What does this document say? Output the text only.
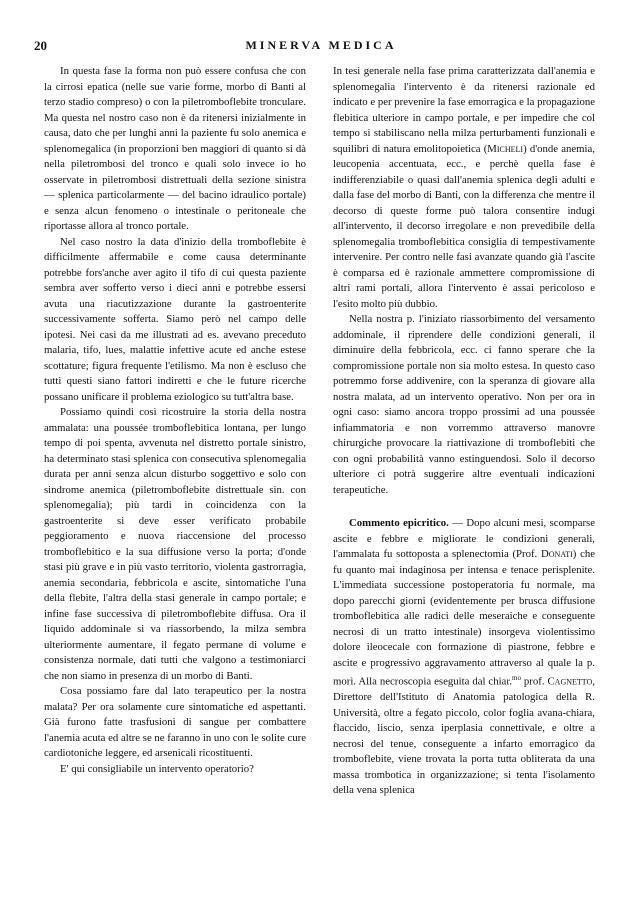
20	MINERVA MEDICA

In questa fase la forma non può essere confusa che con la cirrosi epatica (nelle sue varie forme, morbo di Banti al terzo stadio compreso) o con la piletromboflebite tronculare. Ma questa nel nostro caso non è da ritenersi inizialmente in causa, dato che per lunghi anni la paziente fu solo anemica e splenomegalica (in proporzioni ben maggiori di quanto si dà nella piletrombosi del tronco e quali solo invece io ho osservate in piletrombosi distrettuali della sezione sinistra — splenica particolarmente — del bacino idraulico portale) e senza alcun fenomeno o intestinale o peritoneale che riportasse allora al tronco portale.

Nel caso nostro la data d'inizio della tromboflebite è difficilmente affermabile e come causa determinante potrebbe fors'anche aver agito il tifo di cui questa paziente sembra aver sofferto verso i dieci anni e potrebbe essersi avuta una riacutizzazione durante la gastroenterite successivamente sofferta. Siamo però nel campo delle ipotesi. Nei casi da me illustrati ad es. avevano preceduto malaria, tifo, lues, malattie infettive acute ed anche estese scottature; figura frequente l'etilismo. Ma non è escluso che tutti questi siano fattori indiretti e che le future ricerche possano unificare il problema eziologico su tutt'altra base.

Possiamo quindi così ricostruire la storia della nostra ammalata: una poussée tromboflebitica lontana, per lungo tempo di poi spenta, avvenuta nel distretto portale sinistro, ha determinato stasi splenica con consecutiva splenomegalia durata per anni senza alcun disturbo soggettivo e solo con sindrome anemica (piletromboflebite distrettuale sin. con splenomegalia); più tardi in coincidenza con la gastroenterite si deve esser verificato probabile peggioramento e nuova riaccensione del processo tromboflebitico e la sua diffusione verso la porta; d'onde stasi più grave e in più vasto territorio, violenta gastrorragia, anemia secondaria, febbricola e ascite, sintomatiche l'una della flebite, l'altra della stasi generale in campo portale; e infine fase successiva di piletromboflebite diffusa. Ora il liquido addominale si va riassorbendo, la milza sembra ulteriormente aumentare, il fegato permane di volume e consistenza normale, dati tutti che valgono a testimoniarci che non siamo in presenza di un morbo di Banti.

Cosa possiamo fare dal lato terapeutico per la nostra malata? Per ora solamente cure sintomatiche ed aspettanti. Già furono fatte trasfusioni di sangue per combattere l'anemia acuta ed altre se ne faranno in uno con le solite cure cardiotoniche leggere, ed arsenicali ricostituenti.

E' qui consigliabile un intervento operatorio?

In tesi generale nella fase prima caratterizzata dall'anemia e splenomegalia l'intervento è da ritenersi razionale ed indicato e per prevenire la fase emorragica e la propagazione flebitica ulteriore in campo portale, e per impedire che col tempo si stabiliscano nella milza perturbamenti funzionali e squilibri di natura emolitopoietica (Micheli) d'onde anemia, leucopenia accentuata, ecc., e perchè quella fase è indifferenziabile o quasi dall'anemia splenica degli adulti e dalla fase del morbo di Banti, con la differenza che mentre il decorso di queste forme può talora consentire indugi all'intervento, il decorso irregolare e non prevedibile della splenomegalia tromboflebitica consiglia di tempestivamente intervenire. Per contro nelle fasi avanzate quando già l'ascite è comparsa ed è razionale ammettere compromissione di altri rami portali, allora l'intervento è assai pericoloso e l'esito molto più dubbio.

Nella nostra p. l'iniziato riassorbimento del versamento addominale, il riprendere delle condizioni generali, il diminuire della febbricola, ecc. ci fanno sperare che la compromissione portale non sia molto estesa. In questo caso potremmo forse addivenire, con la speranza di giovare alla nostra malata, ad un intervento operativo. Non per ora in ogni caso: siamo ancora troppo prossimi ad una poussée infiammatoria e non vorremmo attraverso manovre chirurgiche provocare la riattivazione di tromboflebiti che con ogni probabilità vanno estinguendosi. Solo il decorso ulteriore ci potrà suggerire altre eventuali indicazioni terapeutiche.

Commento epicritico. — Dopo alcuni mesi, scomparse ascite e febbre e migliorate le condizioni generali, l'ammalata fu sottoposta a splenectomia (Prof. Donati) che fu quanto mai indaginosa per intensa e tenace perisplenite. L'immediata successione postoperatoria fu normale, ma dopo parecchi giorni (evidentemente per brusca diffusione tromboflebitica alle radici delle meseraiche e conseguente necrosi di un tratto intestinale) insorgeva violentissimo dolore ileocecale con formazione di piastrone, febbre e ascite e progressivo aggravamento attraverso al quale la p. morì. Alla necroscopia eseguita dal chiar.$^{mo}$ prof. Cagnetto, Direttore dell'Istituto di Anatomia patologica della R. Università, oltre a fegato piccolo, color foglia avana-chiara, flaccido, liscio, senza iperplasia connettivale, e oltre a necrosi del tenue, conseguente a infarto emorragico da tromboflebite, viene trovata la porta tutta obliterata da una massa trombotica in organizzazione; si tenta l'isolamento della vena splenica
